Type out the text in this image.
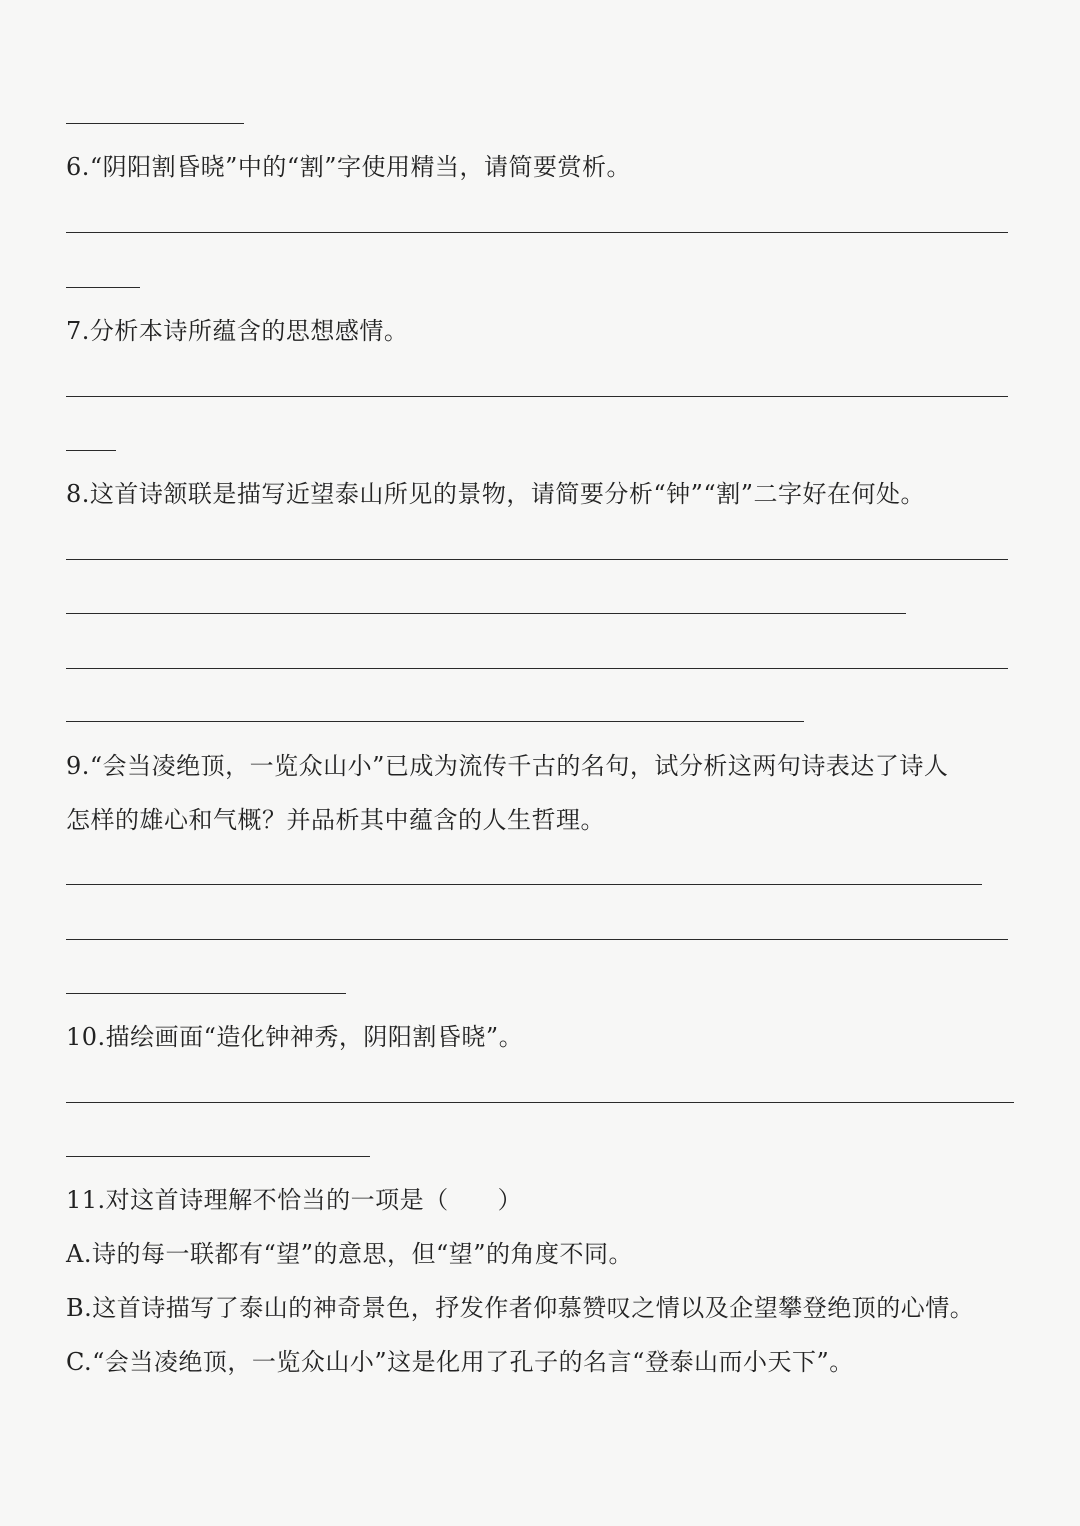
6.“阴阳割昏晓”中的“割”字使用精当，请简要赏析。
7.分析本诗所蕴含的思想感情。
8.这首诗颔联是描写近望泰山所见的景物，请简要分析“钟”“割”二字好在何处。
9.“会当凌绝顶，一览众山小”已成为流传千古的名句，试分析这两句诗表达了诗人
怎样的雄心和气概？并品析其中蕴含的人生哲理。
10.描绘画面“造化钟神秀，阴阳割昏晓”。
11.对这首诗理解不恰当的一项是（　　）
A.诗的每一联都有“望”的意思，但“望”的角度不同。
B.这首诗描写了泰山的神奇景色，抒发作者仰慕赞叹之情以及企望攀登绝顶的心情。
C.“会当凌绝顶，一览众山小”这是化用了孔子的名言“登泰山而小天下”。
